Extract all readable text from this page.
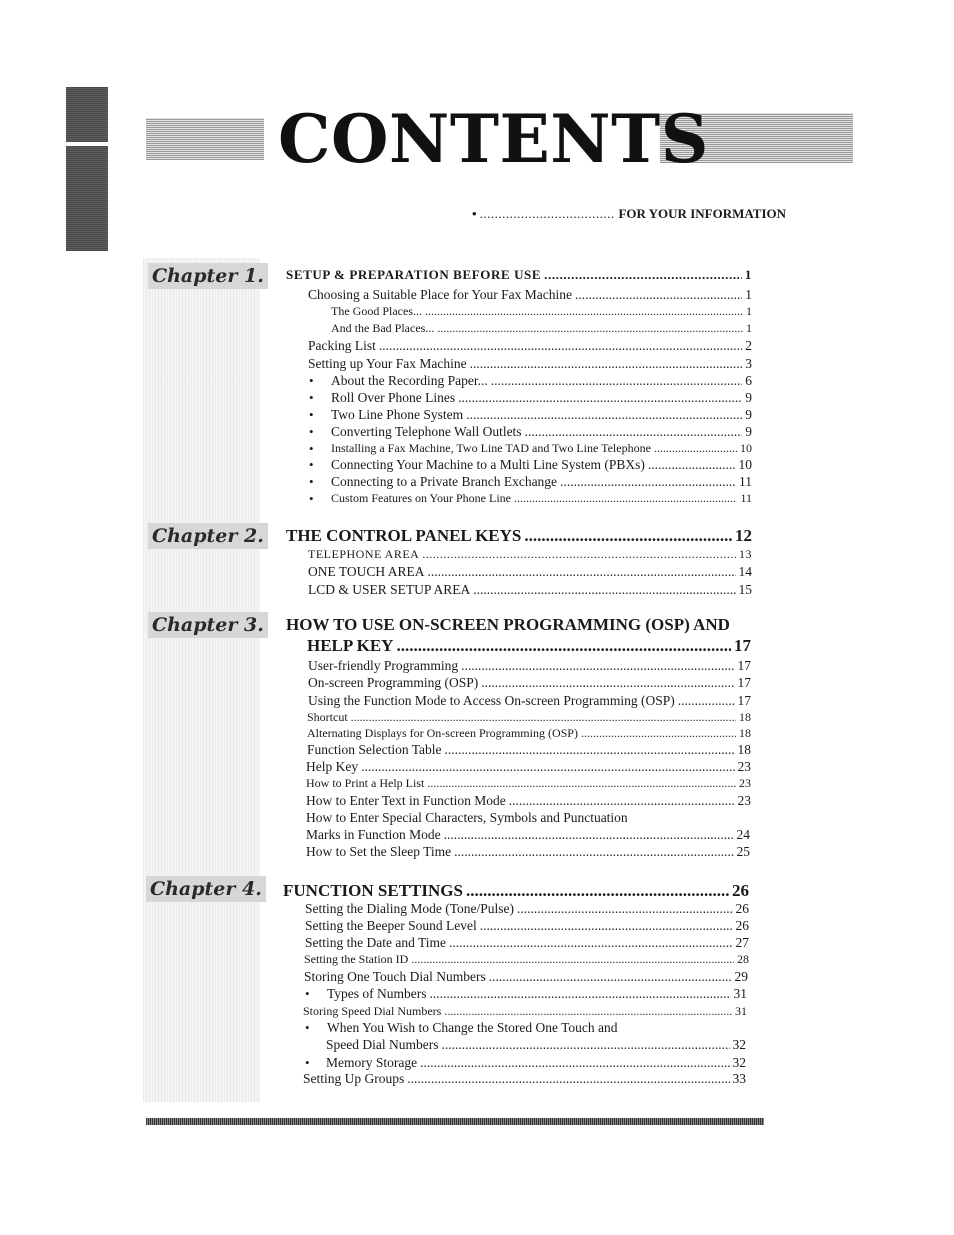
CONTENTS
• .....	FOR YOUR INFORMATION
Chapter 1.
Chapter 2.
Chapter 3.
Chapter 4.
SETUP & PREPARATION BEFORE USE .....	1
Choosing a Suitable Place for Your Fax Machine .....	1
The Good Places... .....	1
And the Bad Places... .....	1
Packing List .....	2
Setting up Your Fax Machine .....	3
• About the Recording Paper... .....	6
• Roll Over Phone Lines .....	9
• Two Line Phone System .....	9
• Converting Telephone Wall Outlets .....	9
• Installing a Fax Machine, Two Line TAD and Two Line Telephone .....	10
• Connecting Your Machine to a Multi Line System (PBXs) .....	10
• Connecting to a Private Branch Exchange .....	11
• Custom Features on Your Phone Line .....	11
THE CONTROL PANEL KEYS .....	12
TELEPHONE AREA .....	13
ONE TOUCH AREA .....	14
LCD & USER SETUP AREA .....	15
HOW TO USE ON-SCREEN PROGRAMMING (OSP) AND
HELP KEY .....	17
User-friendly Programming .....	17
On-screen Programming (OSP) .....	17
Using the Function Mode to Access On-screen Programming (OSP) .....	17
Shortcut .....	18
Alternating Displays for On-screen Programming (OSP) .....	18
Function Selection Table .....	18
Help Key .....	23
How to Print a Help List .....	23
How to Enter Text in Function Mode .....	23
How to Enter Special Characters, Symbols and Punctuation
Marks in Function Mode .....	24
How to Set the Sleep Time .....	25
FUNCTION SETTINGS .....	26
Setting the Dialing Mode (Tone/Pulse) .....	26
Setting the Beeper Sound Level .....	26
Setting the Date and Time .....	27
Setting the Station ID .....	28
Storing One Touch Dial Numbers .....	29
• Types of Numbers .....	31
Storing Speed Dial Numbers .....	31
• When You Wish to Change the Stored One Touch and
Speed Dial Numbers .....	32
• Memory Storage .....	32
Setting Up Groups .....	33
